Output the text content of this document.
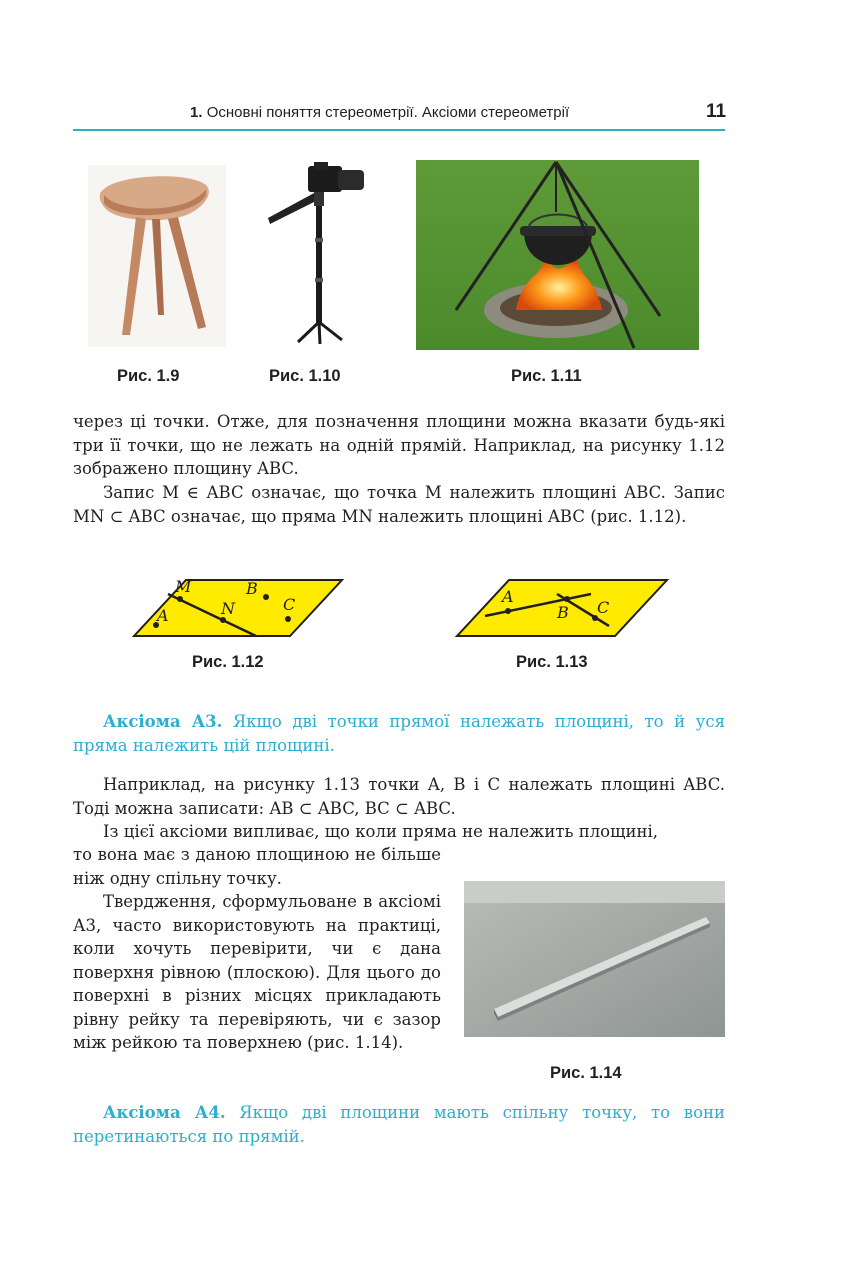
1. Основні поняття стереометрії. Аксіоми стереометрії	11
Рис. 1.9	Рис. 1.10	Рис. 1.11
через ці точки. Отже, для позначення площини можна вказати будь-які три її точки, що не лежать на одній прямій. Наприклад, на рисунку 1.12 зображено площину ABC.
Запис M ∈ ABC означає, що точка M належить площині ABC. Запис MN ⊂ ABC означає, що пряма MN належить площині ABC (рис. 1.12).
M	B
N	C
A
Рис. 1.12
A
B C
Рис. 1.13
Аксіома А3. Якщо дві точки прямої належать площині, то й уся пряма належить цій площині.
Наприклад, на рисунку 1.13 точки A, B і C належать площині ABC. Тоді можна записати: AB ⊂ ABC, BC ⊂ ABC.
Із цієї аксіоми випливає, що коли пряма не належить площині,
Рис. 1.14
то вона має з даною площиною не більше ніж одну спільну точку.
Твердження, сформульоване в аксіомі А3, часто використовують на практиці, коли хочуть перевірити, чи є дана поверхня рівною (плоскою). Для цього до поверхні в різних місцях прикладають рівну рейку та перевіряють, чи є зазор між рейкою та поверхнею (рис. 1.14).
Аксіома А4. Якщо дві площини мають спільну точку, то вони перетинаються по прямій.
